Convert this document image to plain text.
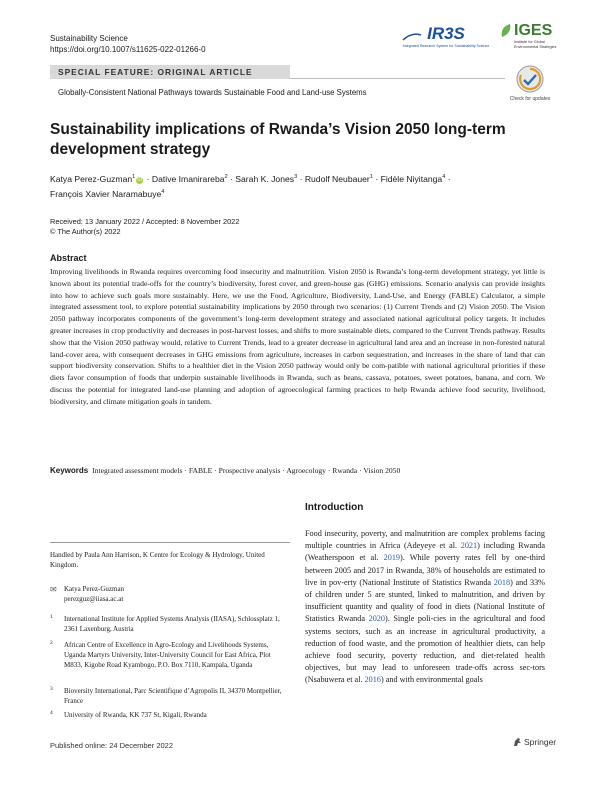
Sustainability Science
https://doi.org/10.1007/s11625-022-01266-0
IR3S
Integrated Research System for Sustainability Science
IGES
Institute for Global Environmental Strategies
SPECIAL FEATURE: ORIGINAL ARTICLE
Globally-Consistent National Pathways towards Sustainable Food and Land-use Systems
Check for updates
Sustainability implications of Rwanda’s Vision 2050 long-term development strategy
Katya Perez-Guzman$^1$ iD · Dative Imanirareba$^2$ · Sarah K. Jones$^3$ · Rudolf Neubauer$^1$ · Fidèle Niyitanga$^4$ ·
François Xavier Naramabuye$^4$
Received: 13 January 2022 / Accepted: 8 November 2022
© The Author(s) 2022
Abstract
Improving livelihoods in Rwanda requires overcoming food insecurity and malnutrition. Vision 2050 is Rwanda’s long-term development strategy, yet little is known about its potential trade-offs for the country’s biodiversity, forest cover, and green-house gas (GHG) emissions. Scenario analysis can provide insights into how to achieve such goals more sustainably. Here, we use the Food, Agriculture, Biodiversity, Land-Use, and Energy (FABLE) Calculator, a simple integrated assessment tool, to explore potential sustainability implications by 2050 through two scenarios: (1) Current Trends and (2) Vision 2050. The Vision 2050 pathway incorporates components of the government’s long-term development strategy and associated national agricultural policy targets. It includes greater increases in crop productivity and decreases in post-harvest losses, and shifts to more sustainable diets, compared to the Current Trends pathway. Results show that the Vision 2050 pathway would, relative to Current Trends, lead to a greater decrease in agricultural land area and an increase in non-forested natural land-cover area, with consequent decreases in GHG emissions from agriculture, increases in carbon sequestration, and increases in the share of land that can support biodiversity conservation. Shifts to a healthier diet in the Vision 2050 pathway would only be com-patible with national agricultural priorities if these diets favor consumption of foods that underpin sustainable livelihoods in Rwanda, such as beans, cassava, potatoes, sweet potatoes, banana, and corn. We discuss the potential for integrated land-use planning and adoption of agroecological farming practices to help Rwanda achieve food security, livelihood, biodiversity, and climate mitigation goals in tandem.
Keywords Integrated assessment models · FABLE · Prospective analysis · Agroecology · Rwanda · Vision 2050
Introduction
Food insecurity, poverty, and malnutrition are complex problems facing multiple countries in Africa (Adeyeye et al. 2021) including Rwanda (Weatherspoon et al. 2019). While poverty rates fell by one-third between 2005 and 2017 in Rwanda, 38% of households are estimated to live in pov-erty (National Institute of Statistics Rwanda 2018) and 33% of children under 5 are stunted, linked to malnutrition, and driven by insufficient quantity and quality of food in diets (National Institute of Statistics Rwanda 2020). Single poli-cies in the agricultural and food systems sectors, such as an increase in agricultural productivity, a reduction of food waste, and the promotion of healthier diets, can help achieve food security, poverty reduction, and diet-related health objectives, but may lead to unforeseen trade-offs across sec-tors (Nsabuwera et al. 2016) and with environmental goals
Handled by Paula Ann Harrison, K Centre for Ecology & Hydrology, United Kingdom.
✉ Katya Perez-Guzman
perezguz@iiasa.ac.at
1 International Institute for Applied Systems Analysis (IIASA), Schlossplatz 1, 2361 Laxenburg, Austria
2 African Centre of Excellence in Agro-Ecology and Livelihoods Systems, Uganda Martyrs University, Inter-University Council for East Africa, Plot M833, Kigobe Road Kyambogo, P.O. Box 7110, Kampala, Uganda
3 Bioversity International, Parc Scientifique d’Agropolis II, 34370 Montpellier, France
4 University of Rwanda, KK 737 St, Kigali, Rwanda
Published online: 24 December 2022	Springer
